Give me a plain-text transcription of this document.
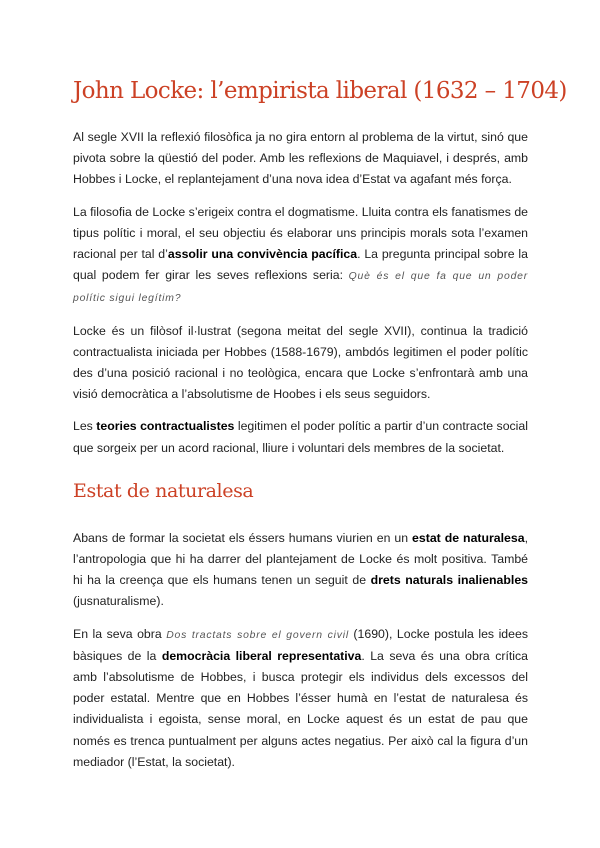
John Locke: l’empirista liberal (1632 – 1704)

Al segle XVII la reflexió filosòfica ja no gira entorn al problema de la virtut, sinó que pivota sobre la qüestió del poder. Amb les reflexions de Maquiavel, i després, amb Hobbes i Locke, el replantejament d’una nova idea d’Estat va agafant més força.

La filosofia de Locke s’erigeix contra el dogmatisme. Lluita contra els fanatismes de tipus polític i moral, el seu objectiu és elaborar uns principis morals sota l’examen racional per tal d’assolir una convivència pacífica. La pregunta principal sobre la qual podem fer girar les seves reflexions seria: Què és el que fa que un poder polític sigui legítim?

Locke és un filòsof il·lustrat (segona meitat del segle XVII), continua la tradició contractualista iniciada per Hobbes (1588-1679), ambdós legitimen el poder polític des d’una posició racional i no teològica, encara que Locke s’enfrontarà amb una visió democràtica a l’absolutisme de Hoobes i els seus seguidors.

Les teories contractualistes legitimen el poder polític a partir d’un contracte social que sorgeix per un acord racional, lliure i voluntari dels membres de la societat.

Estat de naturalesa

Abans de formar la societat els éssers humans viurien en un estat de naturalesa, l’antropologia que hi ha darrer del plantejament de Locke és molt positiva. També hi ha la creença que els humans tenen un seguit de drets naturals inalienables (jusnaturalisme).

En la seva obra Dos tractats sobre el govern civil (1690), Locke postula les idees bàsiques de la democràcia liberal representativa. La seva és una obra crítica amb l’absolutisme de Hobbes, i busca protegir els individus dels excessos del poder estatal. Mentre que en Hobbes l’ésser humà en l’estat de naturalesa és individualista i egoista, sense moral, en Locke aquest és un estat de pau que només es trenca puntualment per alguns actes negatius. Per això cal la figura d’un mediador (l’Estat, la societat).
